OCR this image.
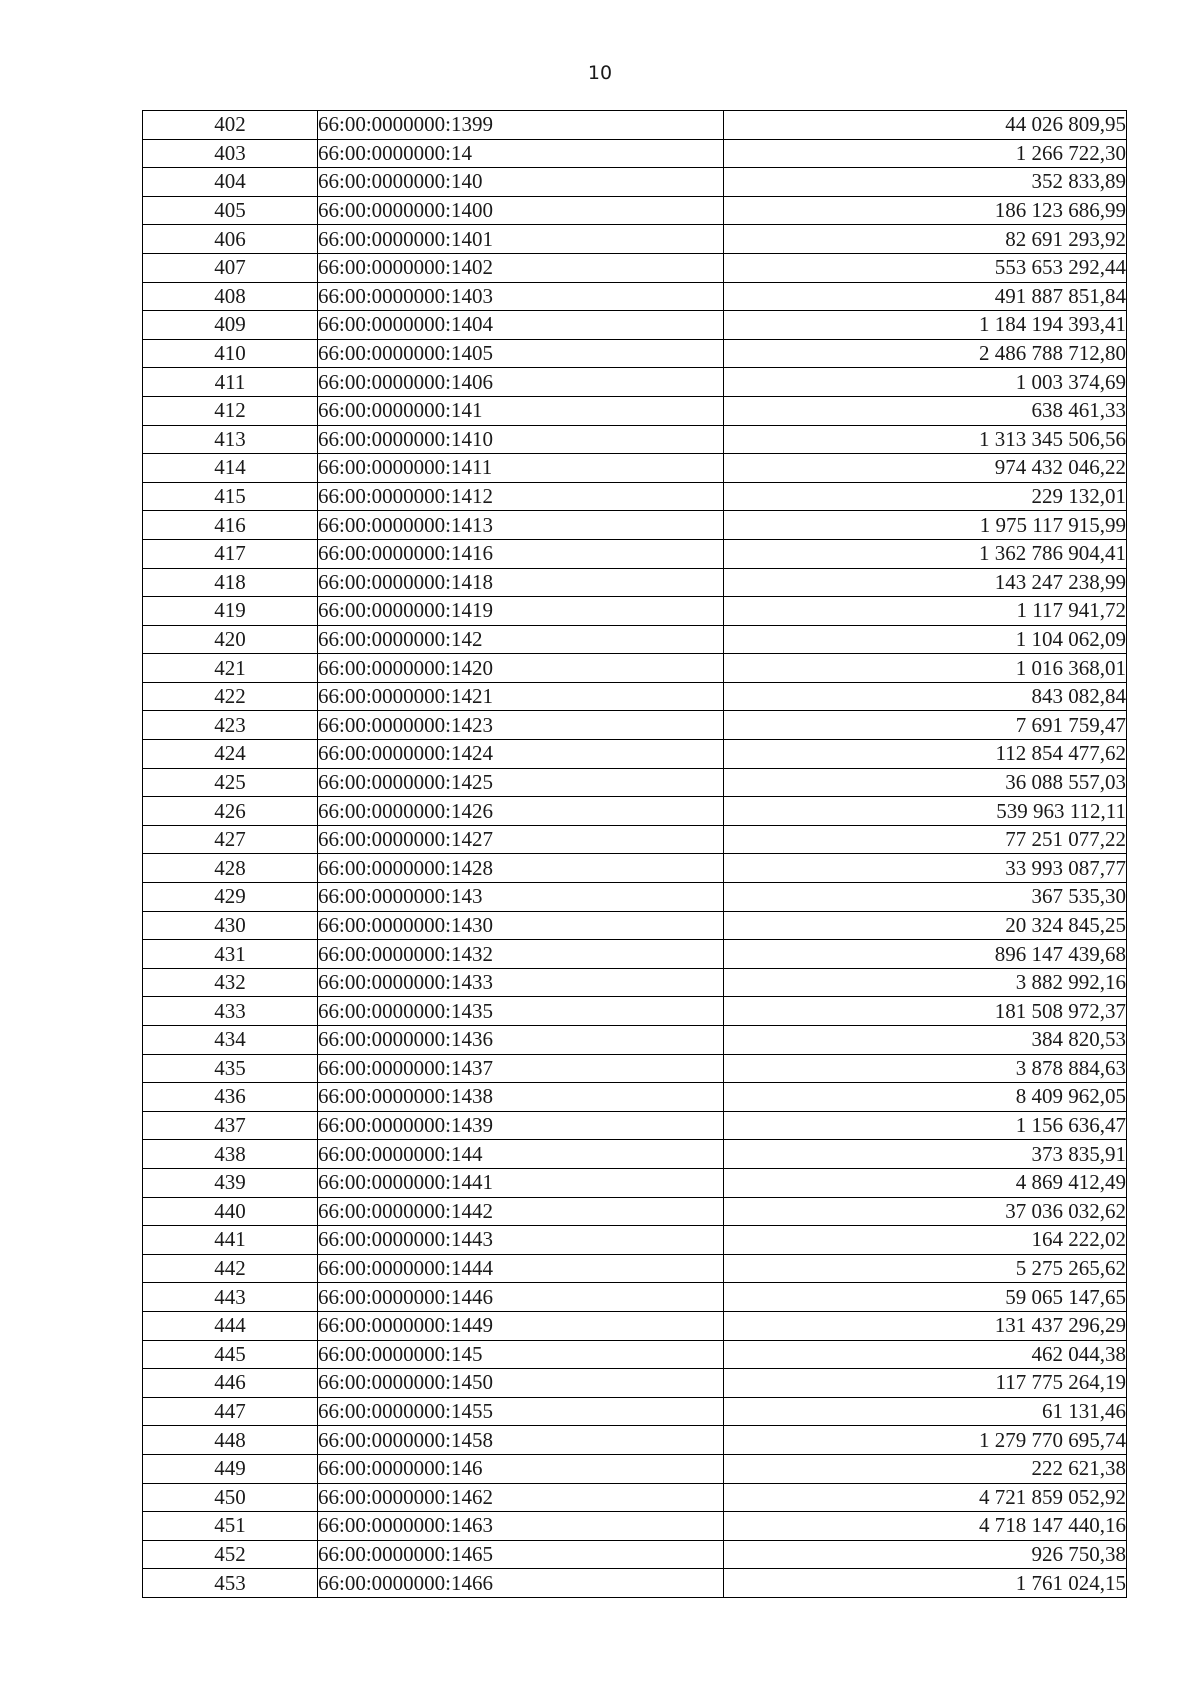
10
402	66:00:0000000:1399	44 026 809,95
403	66:00:0000000:14	1 266 722,30
404	66:00:0000000:140	352 833,89
405	66:00:0000000:1400	186 123 686,99
406	66:00:0000000:1401	82 691 293,92
407	66:00:0000000:1402	553 653 292,44
408	66:00:0000000:1403	491 887 851,84
409	66:00:0000000:1404	1 184 194 393,41
410	66:00:0000000:1405	2 486 788 712,80
411	66:00:0000000:1406	1 003 374,69
412	66:00:0000000:141	638 461,33
413	66:00:0000000:1410	1 313 345 506,56
414	66:00:0000000:1411	974 432 046,22
415	66:00:0000000:1412	229 132,01
416	66:00:0000000:1413	1 975 117 915,99
417	66:00:0000000:1416	1 362 786 904,41
418	66:00:0000000:1418	143 247 238,99
419	66:00:0000000:1419	1 117 941,72
420	66:00:0000000:142	1 104 062,09
421	66:00:0000000:1420	1 016 368,01
422	66:00:0000000:1421	843 082,84
423	66:00:0000000:1423	7 691 759,47
424	66:00:0000000:1424	112 854 477,62
425	66:00:0000000:1425	36 088 557,03
426	66:00:0000000:1426	539 963 112,11
427	66:00:0000000:1427	77 251 077,22
428	66:00:0000000:1428	33 993 087,77
429	66:00:0000000:143	367 535,30
430	66:00:0000000:1430	20 324 845,25
431	66:00:0000000:1432	896 147 439,68
432	66:00:0000000:1433	3 882 992,16
433	66:00:0000000:1435	181 508 972,37
434	66:00:0000000:1436	384 820,53
435	66:00:0000000:1437	3 878 884,63
436	66:00:0000000:1438	8 409 962,05
437	66:00:0000000:1439	1 156 636,47
438	66:00:0000000:144	373 835,91
439	66:00:0000000:1441	4 869 412,49
440	66:00:0000000:1442	37 036 032,62
441	66:00:0000000:1443	164 222,02
442	66:00:0000000:1444	5 275 265,62
443	66:00:0000000:1446	59 065 147,65
444	66:00:0000000:1449	131 437 296,29
445	66:00:0000000:145	462 044,38
446	66:00:0000000:1450	117 775 264,19
447	66:00:0000000:1455	61 131,46
448	66:00:0000000:1458	1 279 770 695,74
449	66:00:0000000:146	222 621,38
450	66:00:0000000:1462	4 721 859 052,92
451	66:00:0000000:1463	4 718 147 440,16
452	66:00:0000000:1465	926 750,38
453	66:00:0000000:1466	1 761 024,15
